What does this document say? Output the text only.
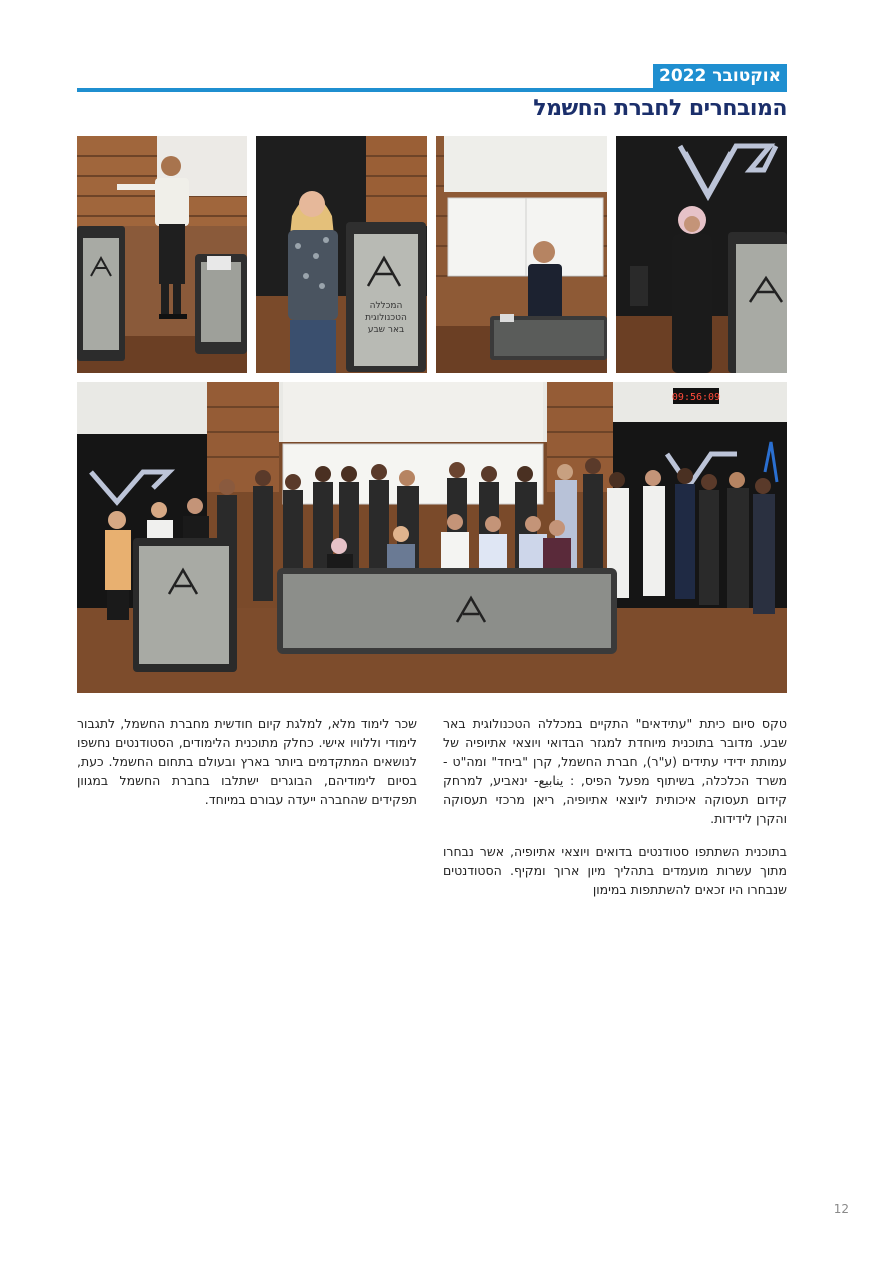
אוקטובר 2022
המובחרים לחברת החשמל
המכללה
הטכנולוגית
באר שבע
09:56:09

טקס סיום כיתת "עתידאים" התקיים במכללה הטכנולוגית באר שבע. מדובר בתוכנית מיוחדת למגזר הבדואי ויוצאי אתיופיה של עמותת ידידי עתידים (ע"ר), חברת החשמל, קרן "ביחד" ומה"ט -משרד הכלכלה, בשיתוף מפעל הפיס, : ينابيع- ינאביע, למרחק קידום תעסוקה איכותית ליוצאי אתיופיה, ריאן מרכזי תעסוקה והקרן לידידות.

בתוכנית השתתפו סטודנטים בדואים ויוצאי אתיופיה, אשר נבחרו מתוך עשרות מועמדים בתהליך מיון ארוך ומקיף. הסטודנטים שנבחרו היו זכאים להשתתפות במימון

שכר לימוד מלא, למלגת קיום חודשית מחברת החשמל, לתגבור לימודי וללוויו אישי. כחלק מתוכנית הלימודים, הסטודנטים נחשפו לנושאים המתקדמים ביותר בארץ ובעולם בתחום החשמל. כעת, בסיום לימודיהם, הבוגרים ישתלבו בחברת החשמל במגוון תפקידים שהחברה ייעדה עבורם במיוחד.

12
